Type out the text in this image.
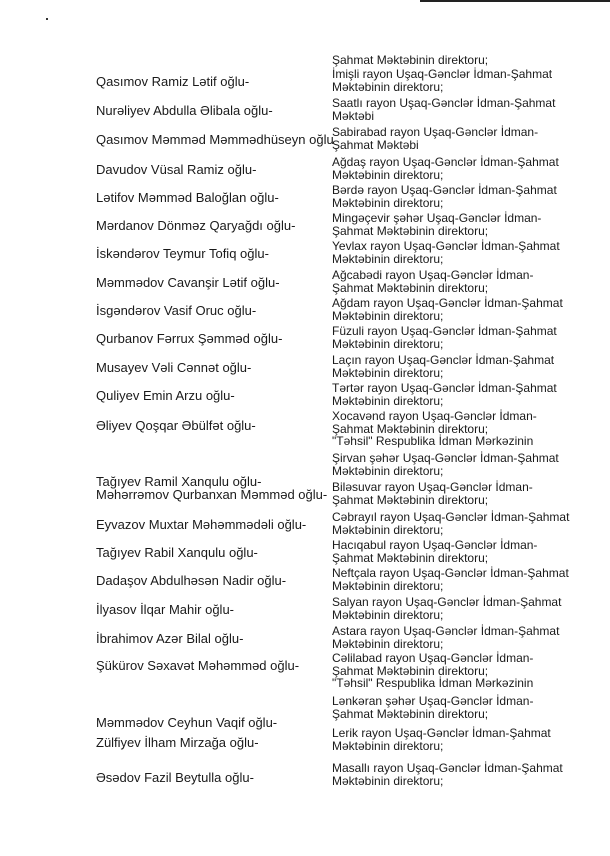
Şahmat Məktəbinin direktoru;
Qasımov Ramiz Lətif oğlu-	İmişli rayon Uşaq-Gənclər İdman-Şahmat
Məktəbinin direktoru;
Nurəliyev Abdulla Əlibala oğlu-	Saatlı rayon Uşaq-Gənclər İdman-Şahmat
Məktəbi
Qasımov Məmməd Məmmədhüseyn oğlu
Sabirabad rayon Uşaq-Gənclər İdman-
Şahmat Məktəbi
Davudov Vüsal Ramiz oğlu-	Ağdaş rayon Uşaq-Gənclər İdman-Şahmat
Məktəbinin direktoru;
Lətifov Məmməd Baloğlan oğlu-	Bərdə rayon Uşaq-Gənclər İdman-Şahmat
Məktəbinin direktoru;
Mərdanov Dönməz Qaryağdı oğlu-	Mingəçevir şəhər Uşaq-Gənclər İdman-
Şahmat Məktəbinin direktoru;
İskəndərov Teymur Tofiq oğlu-	Yevlax rayon Uşaq-Gənclər İdman-Şahmat
Məktəbinin direktoru;
Məmmədov Cavanşir Lətif oğlu-	Ağcabədi rayon Uşaq-Gənclər İdman-
Şahmat Məktəbinin direktoru;
İsgəndərov Vasif Oruc oğlu-	Ağdam rayon Uşaq-Gənclər İdman-Şahmat
Məktəbinin direktoru;
Qurbanov Fərrux Şəmməd oğlu-	Füzuli rayon Uşaq-Gənclər İdman-Şahmat
Məktəbinin direktoru;
Musayev Vəli Cənnət oğlu-	Laçın rayon Uşaq-Gənclər İdman-Şahmat
Məktəbinin direktoru;
Quliyev Emin Arzu oğlu-	Tərtər rayon Uşaq-Gənclər İdman-Şahmat
Məktəbinin direktoru;
Əliyev Qoşqar Əbülfət oğlu-
Xocavənd rayon Uşaq-Gənclər İdman-
Şahmat Məktəbinin direktoru;
"Təhsil" Respublika İdman Mərkəzinin
Tağıyev Ramil Xanqulu oğlu-
Şirvan şəhər Uşaq-Gənclər İdman-Şahmat
Məktəbinin direktoru;
Məhərrəmov Qurbanxan Məmməd oğlu- Biləsuvar rayon Uşaq-Gənclər İdman-
Şahmat Məktəbinin direktoru;
Eyvazov Muxtar Məhəmmədəli oğlu- Cəbrayıl rayon Uşaq-Gənclər İdman-Şahmat
Məktəbinin direktoru;
Tağıyev Rabil Xanqulu oğlu-	Hacıqabul rayon Uşaq-Gənclər İdman-
Şahmat Məktəbinin direktoru;
Dadaşov Abdulhəsən Nadir oğlu-	Neftçala rayon Uşaq-Gənclər İdman-Şahmat
Məktəbinin direktoru;
İlyasov İlqar Mahir oğlu-	Salyan rayon Uşaq-Gənclər İdman-Şahmat
Məktəbinin direktoru;
İbrahimov Azər Bilal oğlu-	Astara rayon Uşaq-Gənclər İdman-Şahmat
Məktəbinin direktoru;
Şükürov Səxavət Məhəmməd oğlu-	Cəlilabad rayon Uşaq-Gənclər İdman-
Şahmat Məktəbinin direktoru;
"Təhsil" Respublika İdman Mərkəzinin
Məmmədov Ceyhun Vaqif oğlu-
Lənkəran şəhər Uşaq-Gənclər İdman-
Şahmat Məktəbinin direktoru;
Zülfiyev İlham Mirzağa oğlu-
Lerik rayon Uşaq-Gənclər İdman-Şahmat
Məktəbinin direktoru;
Əsədov Fazil Beytulla oğlu-
Masallı rayon Uşaq-Gənclər İdman-Şahmat
Məktəbinin direktoru;
